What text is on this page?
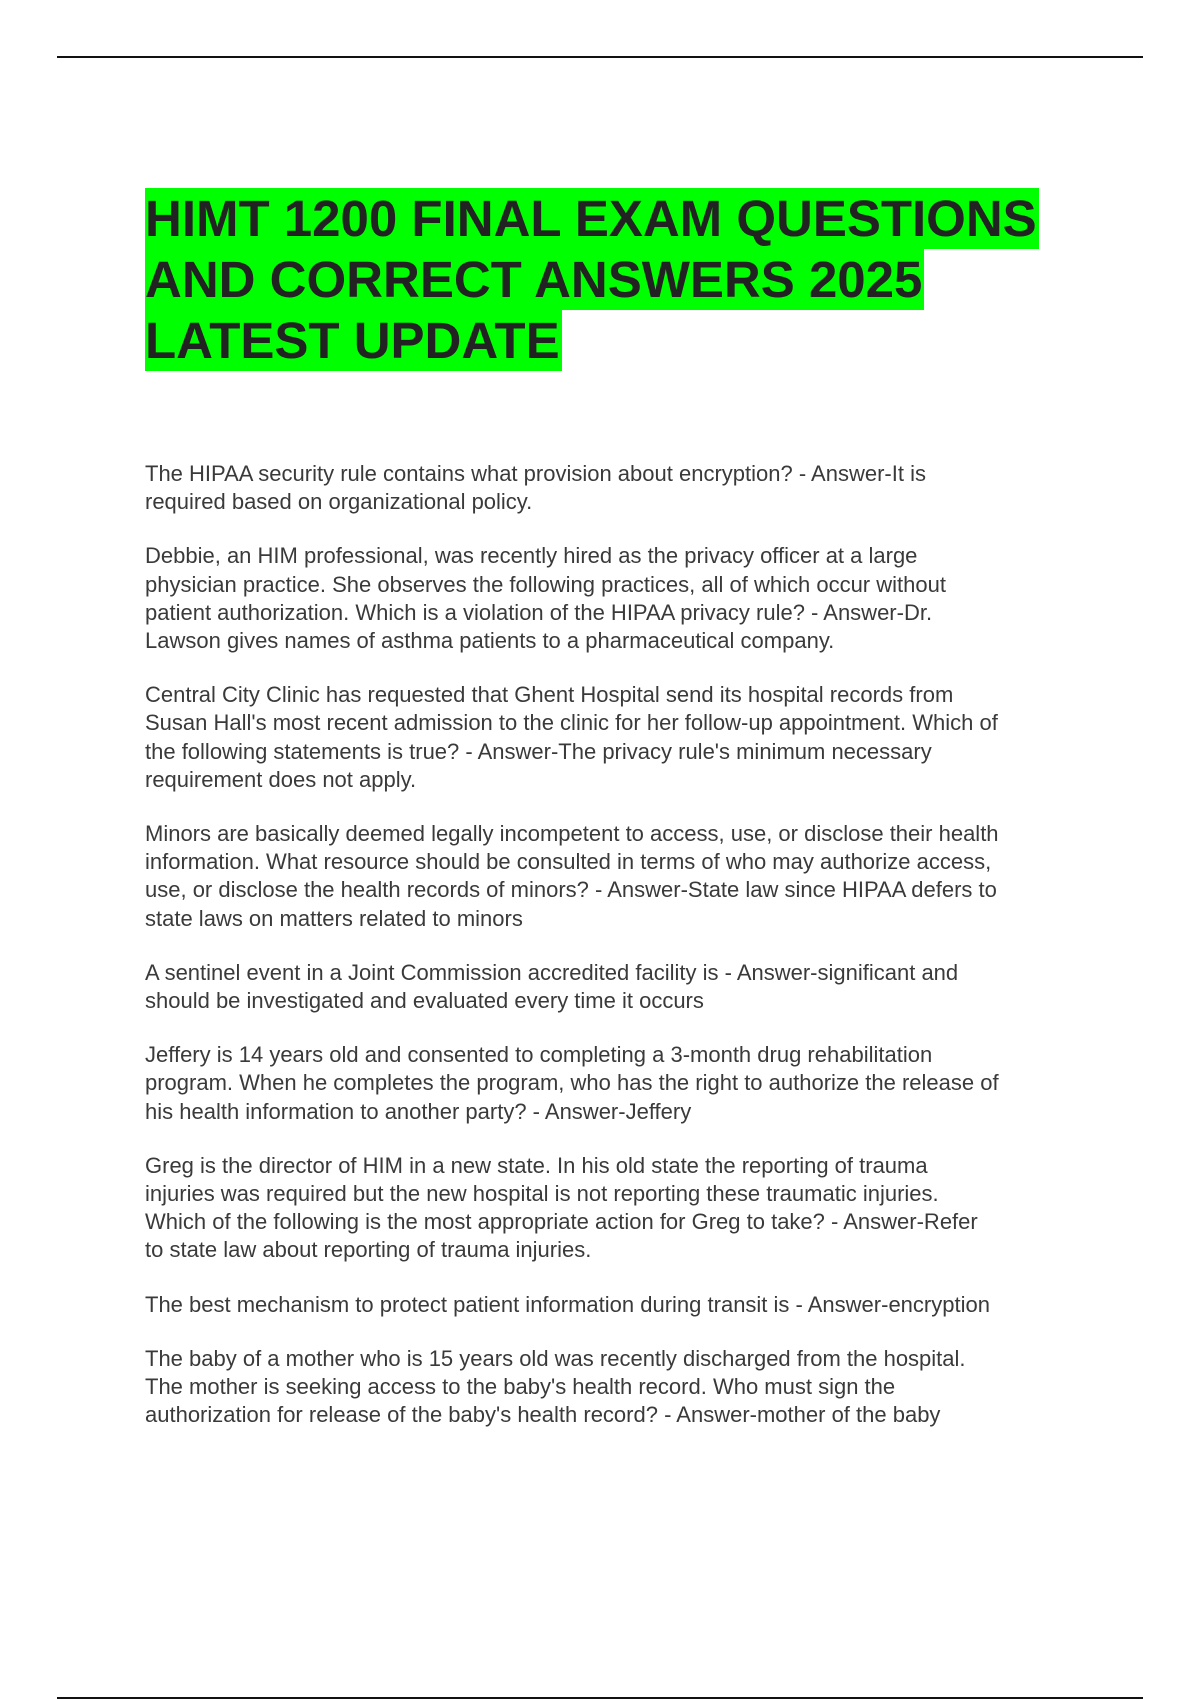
HIMT 1200 FINAL EXAM QUESTIONS
AND CORRECT ANSWERS 2025
LATEST UPDATE
The HIPAA security rule contains what provision about encryption? - Answer-It is
required based on organizational policy.
Debbie, an HIM professional, was recently hired as the privacy officer at a large
physician practice. She observes the following practices, all of which occur without
patient authorization. Which is a violation of the HIPAA privacy rule? - Answer-Dr.
Lawson gives names of asthma patients to a pharmaceutical company.
Central City Clinic has requested that Ghent Hospital send its hospital records from
Susan Hall's most recent admission to the clinic for her follow-up appointment. Which of
the following statements is true? - Answer-The privacy rule's minimum necessary
requirement does not apply.
Minors are basically deemed legally incompetent to access, use, or disclose their health
information. What resource should be consulted in terms of who may authorize access,
use, or disclose the health records of minors? - Answer-State law since HIPAA defers to
state laws on matters related to minors
A sentinel event in a Joint Commission accredited facility is - Answer-significant and
should be investigated and evaluated every time it occurs
Jeffery is 14 years old and consented to completing a 3-month drug rehabilitation
program. When he completes the program, who has the right to authorize the release of
his health information to another party? - Answer-Jeffery
Greg is the director of HIM in a new state. In his old state the reporting of trauma
injuries was required but the new hospital is not reporting these traumatic injuries.
Which of the following is the most appropriate action for Greg to take? - Answer-Refer
to state law about reporting of trauma injuries.
The best mechanism to protect patient information during transit is - Answer-encryption
The baby of a mother who is 15 years old was recently discharged from the hospital.
The mother is seeking access to the baby's health record. Who must sign the
authorization for release of the baby's health record? - Answer-mother of the baby
